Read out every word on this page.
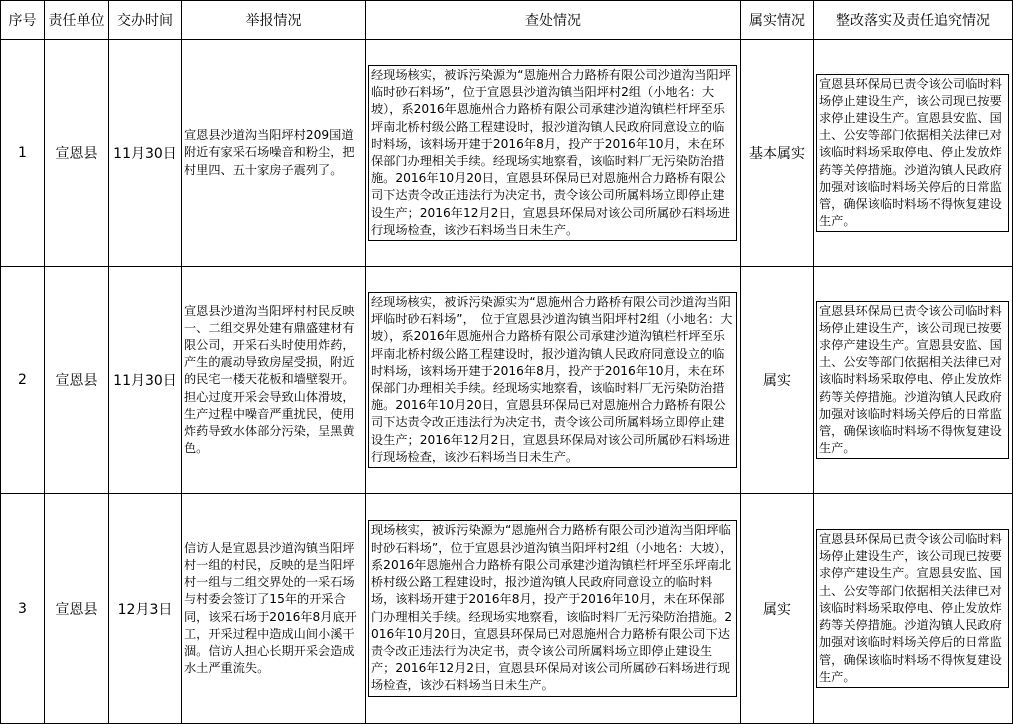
序号	责任单位	交办时间	举报情况	查处情况	属实情况	整改落实及责任追究情况
1	宣恩县	11月30日	宣恩县沙道沟当阳坪村209国道附近有家采石场噪音和粉尘，把村里四、五十家房子震列了。	经现场核实，被诉污染源为“恩施州合力路桥有限公司沙道沟当阳坪临时砂石料场”，位于宣恩县沙道沟镇当阳坪村2组（小地名：大坡），系2016年恩施州合力路桥有限公司承建沙道沟镇栏杆坪至乐坪南北桥村级公路工程建设时，报沙道沟镇人民政府同意设立的临时料场，该料场开建于2016年8月，投产于2016年10月，未在环保部门办理相关手续。经现场实地察看，该临时料厂无污染防治措施。2016年10月20日，宣恩县环保局已对恩施州合力路桥有限公司下达责令改正违法行为决定书，责令该公司所属料场立即停止建设生产；2016年12月2日，宣恩县环保局对该公司所属砂石料场进行现场检查，该沙石料场当日未生产。	基本属实	宣恩县环保局已责令该公司临时料场停止建设生产，该公司现已按要求停止建设生产。宣恩县安监、国土、公安等部门依据相关法律已对该临时料场采取停电、停止发放炸药等关停措施。沙道沟镇人民政府加强对该临时料场关停后的日常监管，确保该临时料场不得恢复建设生产。

2	宣恩县	11月30日	宣恩县沙道沟当阳坪村村民反映一、二组交界处建有鼎盛建材有限公司，开采石头时使用炸药，产生的震动导致房屋受损，附近的民宅一楼天花板和墙壁裂开。担心过度开采会导致山体滑坡，生产过程中噪音严重扰民，使用炸药导致水体部分污染，呈黑黄色。	经现场核实，被诉污染源实为“恩施州合力路桥有限公司沙道沟当阳坪临时砂石料场”，　位于宣恩县沙道沟镇当阳坪村2组（小地名：大坡），系2016年恩施州合力路桥有限公司承建沙道沟镇栏杆坪至乐坪南北桥村级公路工程建设时，报沙道沟镇人民政府同意设立的临时料场，该料场开建于2016年8月，投产于2016年10月，未在环保部门办理相关手续。经现场实地察看，该临时料厂无污染防治措施。2016年10月20日，宣恩县环保局已对恩施州合力路桥有限公司下达责令改正违法行为决定书，责令该公司所属料场立即停止建设生产；2016年12月2日，宣恩县环保局对该公司所属砂石料场进行现场检查，该沙石料场当日未生产。	属实	宣恩县环保局已责令该公司临时料场停止建设生产，该公司现已按要求停产建设生产。宣恩县安监、国土、公安等部门依据相关法律已对该临时料场采取停电、停止发放炸药等关停措施。沙道沟镇人民政府加强对该临时料场关停后的日常监管，确保该临时料场不得恢复建设生产。

3	宣恩县	12月3日	信访人是宣恩县沙道沟镇当阳坪村一组的村民，反映的是当阳坪村一组与二组交界处的一采石场与村委会签订了15年的开采合同，该采石场于2016年8月底开工，开采过程中造成山间小溪干涸。信访人担心长期开采会造成水土严重流失。	现场核实，被诉污染源为“恩施州合力路桥有限公司沙道沟当阳坪临时砂石料场”，位于宣恩县沙道沟镇当阳坪村2组（小地名：大坡），系2016年恩施州合力路桥有限公司承建沙道沟镇栏杆坪至乐坪南北桥村级公路工程建设时，报沙道沟镇人民政府同意设立的临时料场，该料场开建于2016年8月，投产于2016年10月，未在环保部门办理相关手续。经现场实地察看，该临时料厂无污染防治措施。2016年10月20日，宣恩县环保局已对恩施州合力路桥有限公司下达责令改正违法行为决定书，责令该公司所属料场立即停止建设生产；2016年12月2日，宣恩县环保局对该公司所属砂石料场进行现场检查，该沙石料场当日未生产。	属实	宣恩县环保局已责令该公司临时料场停止建设生产，该公司现已按要求停产建设生产。宣恩县安监、国土、公安等部门依据相关法律已对该临时料场采取停电、停止发放炸药等关停措施。沙道沟镇人民政府加强对该临时料场关停后的日常监管，确保该临时料场不得恢复建设生产。
